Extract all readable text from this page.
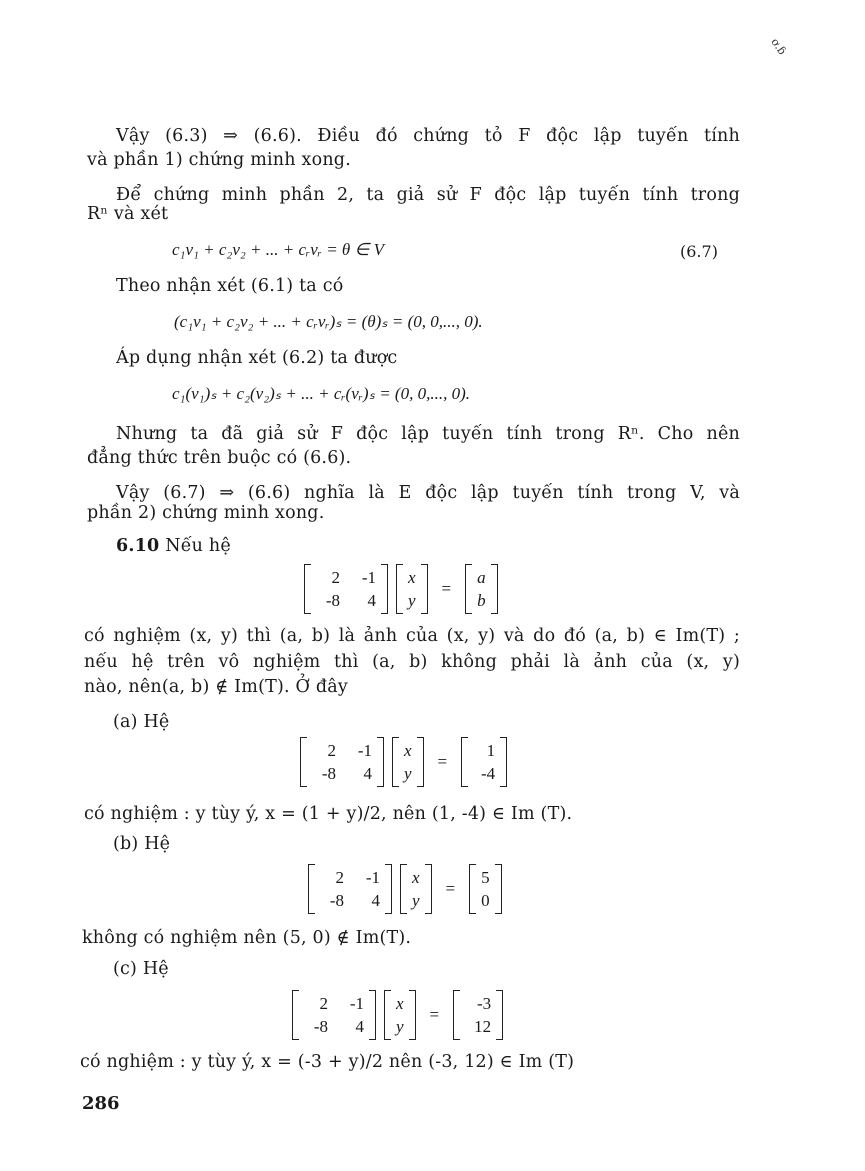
ơ.ɓ
Vậy (6.3) ⇒ (6.6). Điều đó chứng tỏ F độc lập tuyến tính
và phần 1) chứng minh xong.
Để chứng minh phần 2, ta giả sử F độc lập tuyến tính trong
Rⁿ và xét
c₁v₁ + c₂v₂ + ... + cᵣvᵣ = θ ∈ V	(6.7)
Theo nhận xét (6.1) ta có
(c₁v₁ + c₂v₂ + ... + cᵣvᵣ)ₛ = (θ)ₛ = (0, 0,..., 0).
Áp dụng nhận xét (6.2) ta được
c₁(v₁)ₛ + c₂(v₂)ₛ + ... + cᵣ(vᵣ)ₛ = (0, 0,..., 0).
Nhưng ta đã giả sử F độc lập tuyến tính trong Rⁿ. Cho nên
đẳng thức trên buộc có (6.6).
Vậy (6.7) ⇒ (6.6) nghĩa là E độc lập tuyến tính trong V, và
phần 2) chứng minh xong.
6.10 Nếu hệ
2	-1
-8	4
x
y
=
a
b
có nghiệm (x, y) thì (a, b) là ảnh của (x, y) và do đó (a, b) ∈ Im(T) ;
nếu hệ trên vô nghiệm thì (a, b) không phải là ảnh của (x, y)
nào, nên(a, b) ∉ Im(T). Ở đây
(a) Hệ
2	-1
-8	4
x
y
=
1
-4
có nghiệm : y tùy ý, x = (1 + y)/2, nên (1, -4) ∈ Im (T).
(b) Hệ
2	-1
-8	4
x
y
=
5
0
không có nghiệm nên (5, 0) ∉ Im(T).
(c) Hệ
2	-1
-8	4
x
y
=
-3
12
có nghiệm : y tùy ý, x = (-3 + y)/2 nên (-3, 12) ∈ Im (T)
286
